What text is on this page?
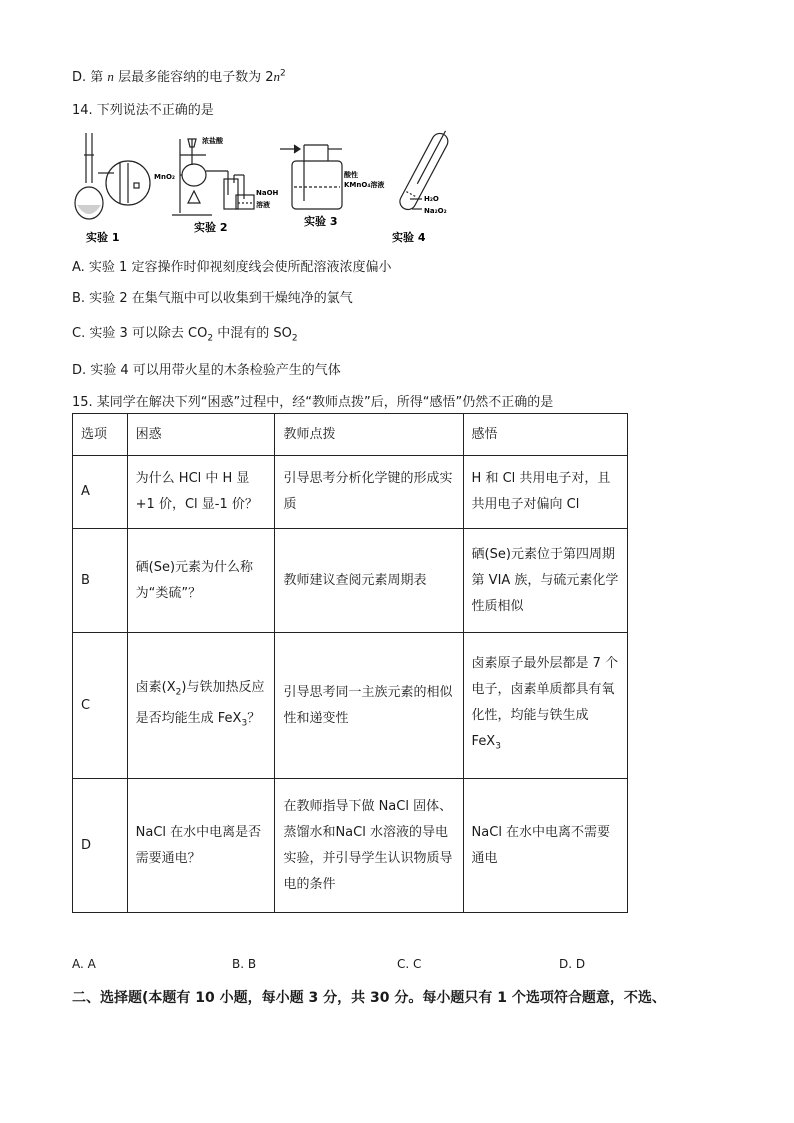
D. 第 n 层最多能容纳的电子数为 $2n^2$
14. 下列说法不正确的是
浓盐酸
MnO₂
NaOH
溶液
酸性
KMnO₄溶液
H₂O
Na₂O₂
实验 1
实验 2	实验 3
实验 4
A. 实验 1 定容操作时仰视刻度线会使所配溶液浓度偏小
B. 实验 2 在集气瓶中可以收集到干燥纯净的氯气
C. 实验 3 可以除去 $CO_2$ 中混有的 $SO_2$
D. 实验 4 可以用带火星的木条检验产生的气体
15. 某同学在解决下列“困惑”过程中，经“教师点拨”后，所得“感悟”仍然不正确的是
选项	困惑	教师点拨	感悟
A	为什么 HCl 中 H 显+1 价，Cl 显-1 价？	引导思考分析化学键的形成实质	H 和 Cl 共用电子对，且共用电子对偏向 Cl
B	硒(Se)元素为什么称为“类硫”？	教师建议查阅元素周期表	硒(Se)元素位于第四周期第 VIA 族，与硫元素化学性质相似
C	卤素$(X_2)$与铁加热反应是否均能生成 FeX$_3$？	引导思考同一主族元素的相似性和递变性	卤素原子最外层都是 7 个电子，卤素单质都具有氧化性，均能与铁生成 FeX$_3$
D	NaCl 在水中电离是否需要通电？	在教师指导下做 NaCl 固体、蒸馏水和NaCl 水溶液的导电实验，并引导学生认识物质导电的条件	NaCl 在水中电离不需要通电
A. A	B. B	C. C	D. D
二、选择题(本题有 10 小题，每小题 3 分，共 30 分。每小题只有 1 个选项符合题意，不选、
